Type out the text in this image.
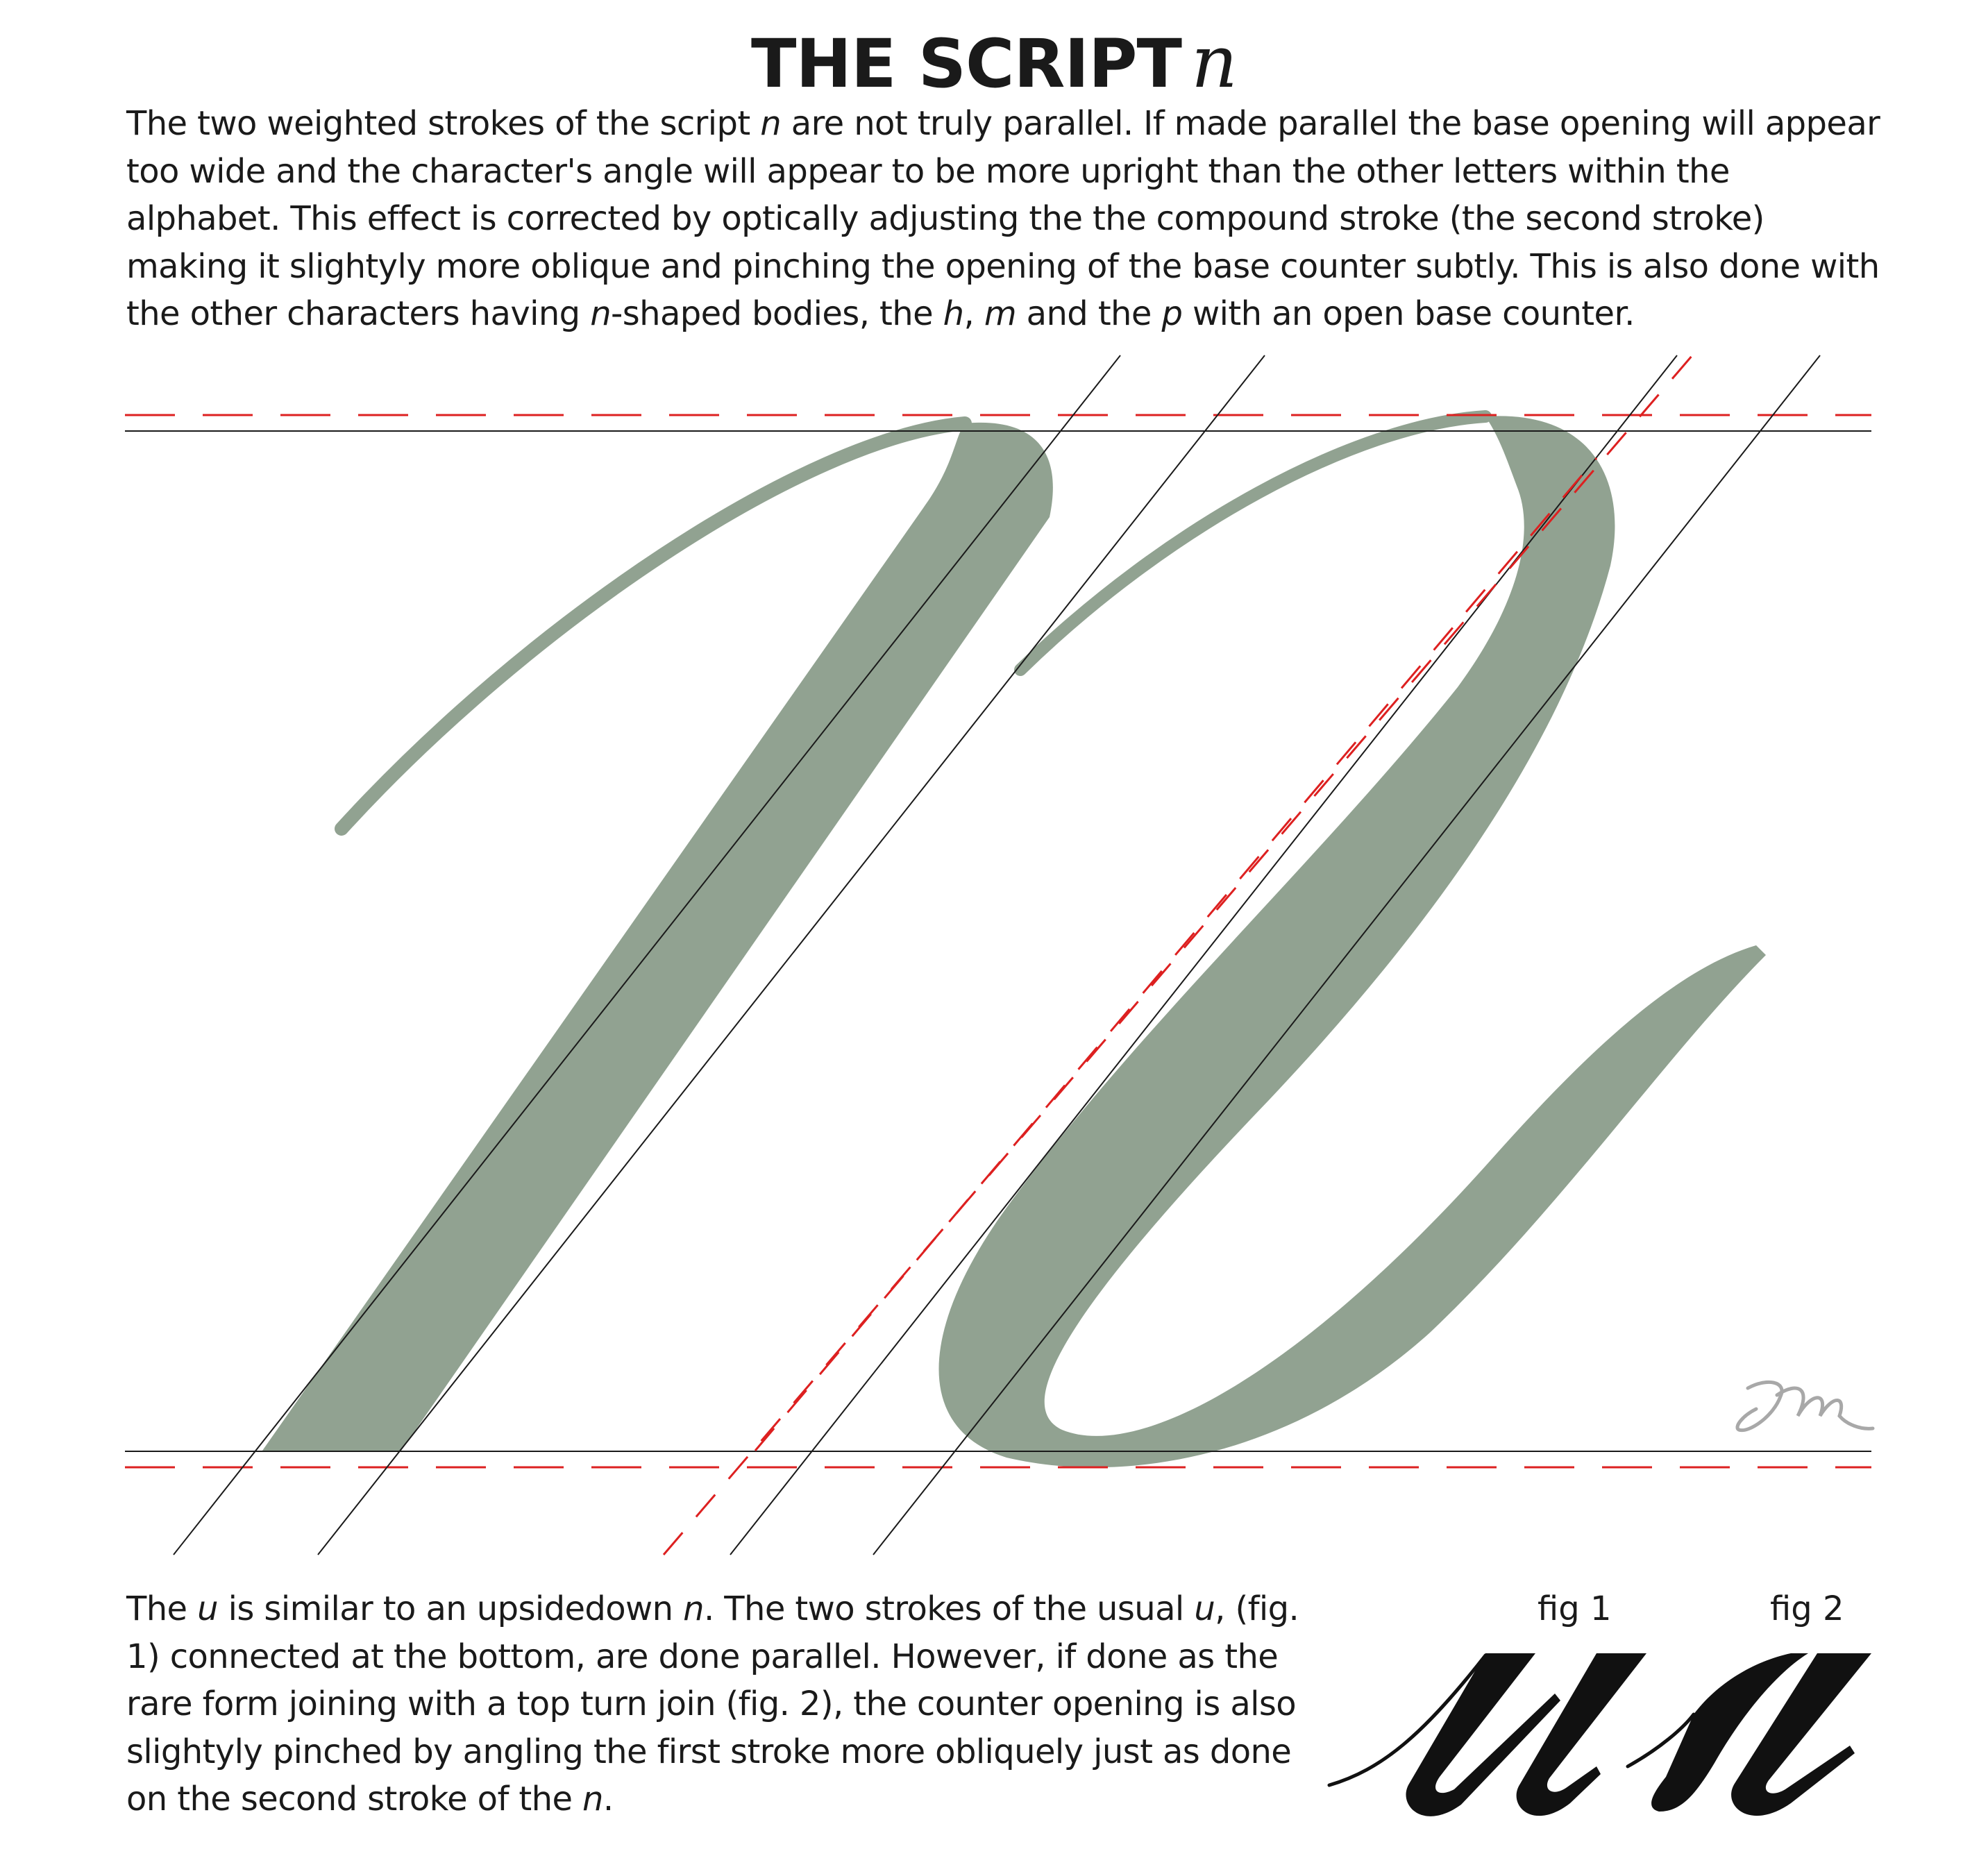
THE SCRIPT n
The two weighted strokes of the script n are not truly parallel. If made parallel the base opening will appear too wide and the character's angle will appear to be more upright than the other letters within the alphabet. This effect is corrected by optically adjusting the the compound stroke (the second stroke) making it slightyly more oblique and pinching the opening of the base counter subtly. This is also done with the other characters having n-shaped bodies, the h, m and the p with an open base counter.
The u is similar to an upsidedown n. The two strokes of the usual u, (fig. 1) connected at the bottom, are done parallel. However, if done as the rare form joining with a top turn join (fig. 2), the counter opening is also slightyly pinched by angling the first stroke more obliquely just as done on the second stroke of the n.
fig 1	fig 2
